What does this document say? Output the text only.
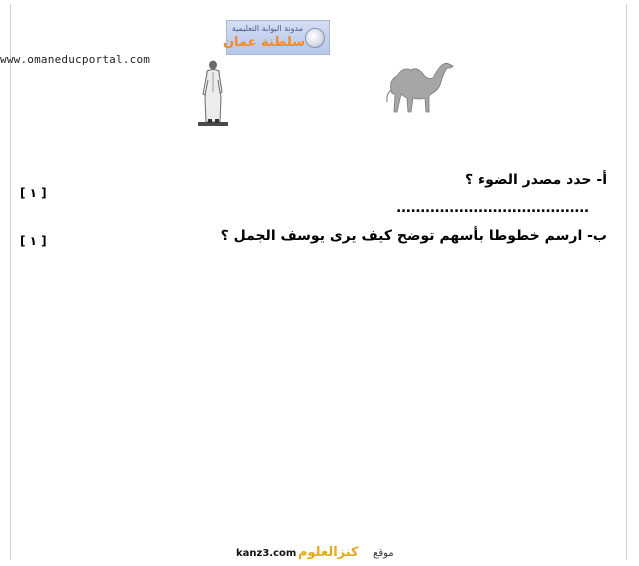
www.omaneducportal.com
مدونة البوابة التعليمية
سلطنة عمان
أ- حدد مصدر الضوء ؟
........................................
[ ١ ]
ب- ارسم خطوطا بأسهم توضح كيف يرى يوسف الجمل ؟
[ ١ ]
kanz3.com كنزالعلوم موقع
